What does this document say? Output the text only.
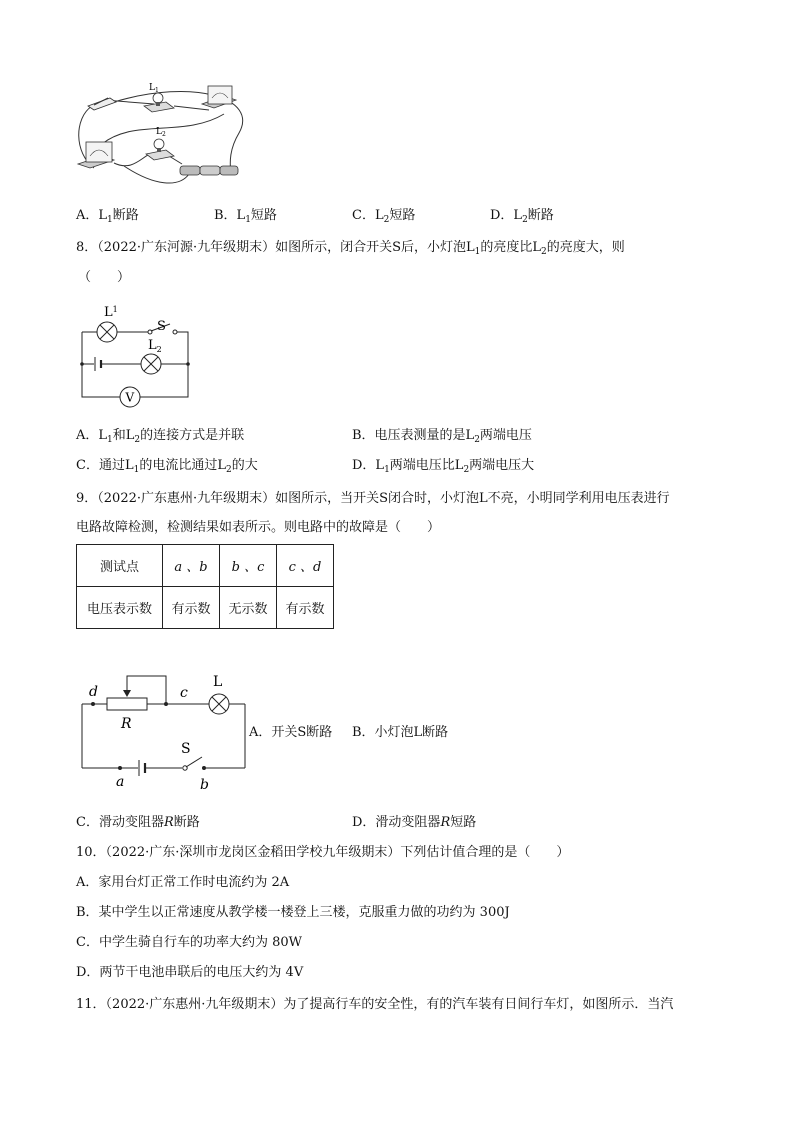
$L_1$
$L_2$
A．$L_1$断路	B．$L_1$短路	C．$L_2$短路	D．$L_2$断路
8．（2022·广东河源·九年级期末）如图所示，闭合开关S后，小灯泡$L_1$的亮度比$L_2$的亮度大，则
（　　）
$L^1$
S
$L_2$
V
A．$L_1$和$L_2$的连接方式是并联	B．电压表测量的是$L_2$两端电压
C．通过$L_1$的电流比通过$L_2$的大	D．$L_1$两端电压比$L_2$两端电压大
9．（2022·广东惠州·九年级期末）如图所示，当开关S闭合时，小灯泡L不亮，小明同学利用电压表进行
电路故障检测，检测结果如表所示。则电路中的故障是（　　）
测试点	a 、b	b 、c	c 、d
电压表示数	有示数	无示数	有示数
d	c
L
R
S
a	b
A．开关S断路 B．小灯泡L断路
C．滑动变阻器R断路	D．滑动变阻器R短路
10．（2022·广东·深圳市龙岗区金稻田学校九年级期末）下列估计值合理的是（　　）
A．家用台灯正常工作时电流约为 2A
B．某中学生以正常速度从教学楼一楼登上三楼，克服重力做的功约为 300J
C．中学生骑自行车的功率大约为 80W
D．两节干电池串联后的电压大约为 4V
11．（2022·广东惠州·九年级期末）为了提高行车的安全性，有的汽车装有日间行车灯，如图所示．当汽
